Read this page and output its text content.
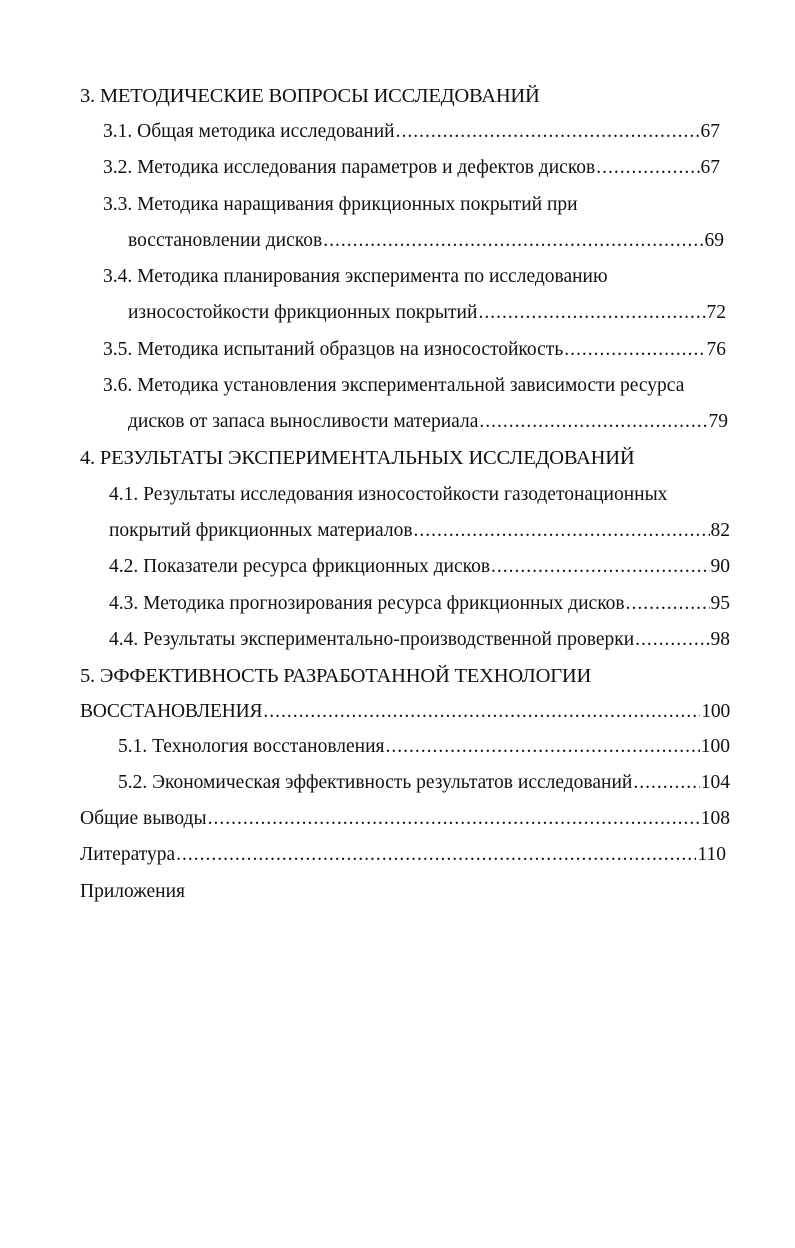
3. МЕТОДИЧЕСКИЕ ВОПРОСЫ ИССЛЕДОВАНИЙ
3.1. Общая методика исследований .....	67
3.2. Методика исследования параметров и дефектов дисков .....	67
3.3. Методика наращивания фрикционных покрытий при
восстановлении дисков .....	69
3.4. Методика планирования эксперимента по исследованию
износостойкости фрикционных покрытий .....	72
3.5. Методика испытаний образцов на износостойкость .....	76
3.6. Методика установления экспериментальной зависимости ресурса
дисков от запаса выносливости материала .....	79
4. РЕЗУЛЬТАТЫ ЭКСПЕРИМЕНТАЛЬНЫХ ИССЛЕДОВАНИЙ
4.1. Результаты исследования износостойкости газодетонационных
покрытий фрикционных материалов .....	82
4.2. Показатели ресурса фрикционных дисков .....	90
4.3. Методика прогнозирования ресурса фрикционных дисков .....	95
4.4. Результаты экспериментально-производственной проверки .....	98
5. ЭФФЕКТИВНОСТЬ РАЗРАБОТАННОЙ ТЕХНОЛОГИИ
ВОССТАНОВЛЕНИЯ .....	100
5.1. Технология восстановления .....	100
5.2. Экономическая эффективность результатов исследований .....	104
Общие выводы .....	108
Литература .....	110
Приложения
